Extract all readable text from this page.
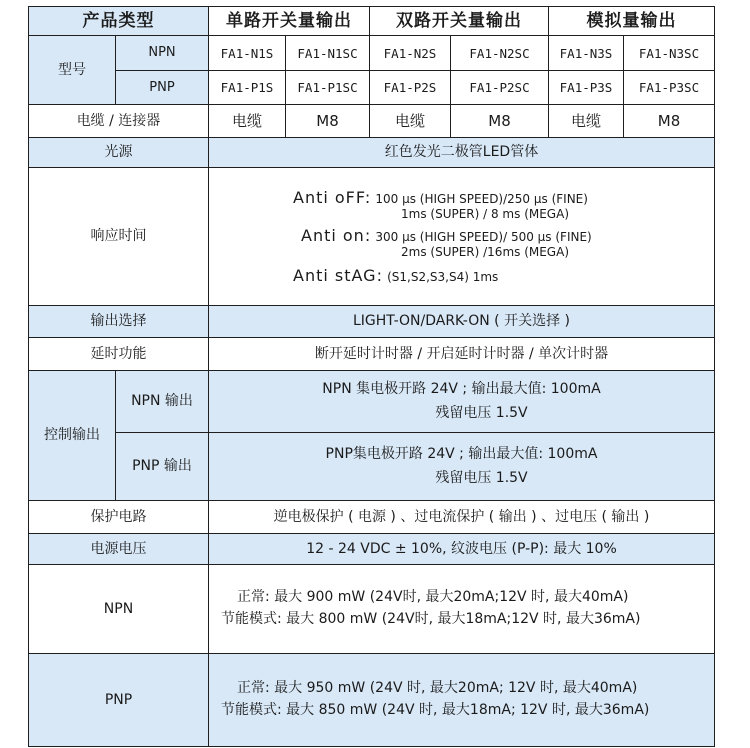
产品类型		单路开关量输出		双路开关量输出		模拟量输出	
型号	NPN	FA1-N1S	FA1-N1SC	FA1-N2S	FA1-N2SC	FA1-N3S	FA1-N3SC
	PNP	FA1-P1S	FA1-P1SC	FA1-P2S	FA1-P2SC	FA1-P3S	FA1-P3SC
电缆 / 连接器		电缆	M8	电缆	M8	电缆	M8
光源		红色发光二极管LED管体					
响应时间		Anti oFF: 100 µs (HIGH SPEED)/250 µs (FINE)
1ms (SUPER) / 8 ms (MEGA)
Anti on: 300 µs (HIGH SPEED)/ 500 µs (FINE)
2ms (SUPER) /16ms (MEGA)
Anti stAG: (S1,S2,S3,S4) 1ms					

输出选择		LIGHT-ON/DARK-ON ( 开关选择 )					
延时功能		断开延时计时器 / 开启延时计时器 / 单次计时器					
控制输出	NPN 输出	NPN 集电极开路 24V ; 输出最大值: 100mA
残留电压 1.5V					

	PNP 输出	PNP集电极开路 24V ; 输出最大值: 100mA
残留电压 1.5V					

保护电路		逆电极保护 ( 电源 ) 、过电流保护 ( 输出 ) 、过电压 ( 输出 )					
电源电压		12 - 24 VDC ± 10%, 纹波电压 (P-P): 最大 10%					
NPN		正常: 最大 900 mW (24V时, 最大20mA;12V 时, 最大40mA)
节能模式: 最大 800 mW (24V时, 最大18mA;12V 时, 最大36mA)					

PNP		正常: 最大 950 mW (24V 时, 最大20mA; 12V 时, 最大40mA)
节能模式: 最大 850 mW (24V 时, 最大18mA; 12V 时, 最大36mA)					
